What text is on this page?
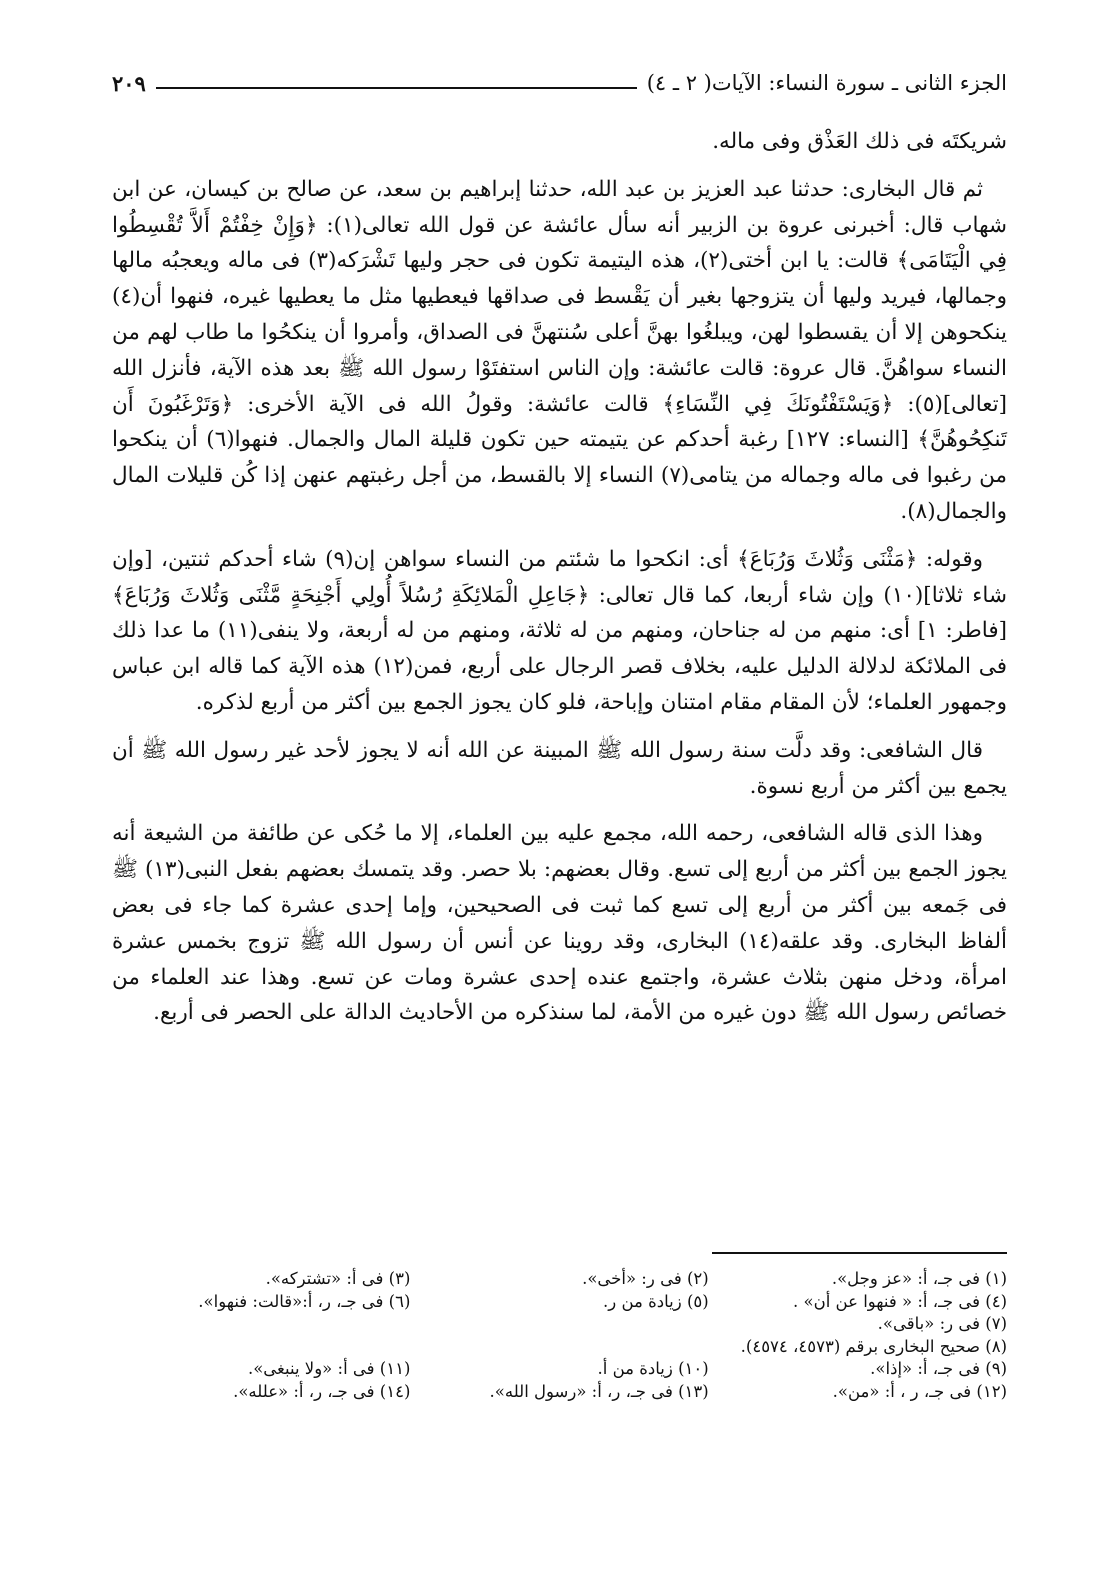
الجزء الثانى ـ سورة النساء: الآيات( ٢ ـ ٤)
٢٠٩

شريكتَه فى ذلك العَذْق وفى ماله.

ثم قال البخارى: حدثنا عبد العزيز بن عبد الله، حدثنا إبراهيم بن سعد، عن صالح بن كيسان، عن ابن شهاب قال: أخبرنى عروة بن الزبير أنه سأل عائشة عن قول الله تعالى(١): ﴿وَإِنْ خِفْتُمْ أَلاَّ تُقْسِطُوا فِي الْيَتَامَى﴾ قالت: يا ابن أختى(٢)، هذه اليتيمة تكون فى حجر وليها تَشْرَكه(٣) فى ماله ويعجبُه مالها وجمالها، فيريد وليها أن يتزوجها بغير أن يَقْسط فى صداقها فيعطيها مثل ما يعطيها غيره، فنهوا أن(٤) ينكحوهن إلا أن يقسطوا لهن، ويبلغُوا بهنَّ أعلى سُنتهنَّ فى الصداق، وأمروا أن ينكحُوا ما طاب لهم من النساء سواهُنَّ. قال عروة: قالت عائشة: وإن الناس استفتَوْا رسول الله ﷺ بعد هذه الآية، فأنزل الله [تعالى](٥): ﴿وَيَسْتَفْتُونَكَ فِي النِّسَاءِ﴾ قالت عائشة: وقولُ الله فى الآية الأخرى: ﴿وَتَرْغَبُونَ أَن تَنكِحُوهُنَّ﴾ [النساء: ١٢٧] رغبة أحدكم عن يتيمته حين تكون قليلة المال والجمال. فنهوا(٦) أن ينكحوا من رغبوا فى ماله وجماله من يتامى(٧) النساء إلا بالقسط، من أجل رغبتهم عنهن إذا كُن قليلات المال والجمال(٨).

وقوله: ﴿مَثْنَى وَثُلاثَ وَرُبَاعَ﴾ أى: انكحوا ما شئتم من النساء سواهن إن(٩) شاء أحدكم ثنتين، [وإن شاء ثلاثا](١٠) وإن شاء أربعا، كما قال تعالى: ﴿جَاعِلِ الْمَلائِكَةِ رُسُلاً أُولِي أَجْنِحَةٍ مَّثْنَى وَثُلاثَ وَرُبَاعَ﴾ [فاطر: ١] أى: منهم من له جناحان، ومنهم من له ثلاثة، ومنهم من له أربعة، ولا ينفى(١١) ما عدا ذلك فى الملائكة لدلالة الدليل عليه، بخلاف قصر الرجال على أربع، فمن(١٢) هذه الآية كما قاله ابن عباس وجمهور العلماء؛ لأن المقام مقام امتنان وإباحة، فلو كان يجوز الجمع بين أكثر من أربع لذكره.

قال الشافعى: وقد دلَّت سنة رسول الله ﷺ المبينة عن الله أنه لا يجوز لأحد غير رسول الله ﷺ أن يجمع بين أكثر من أربع نسوة.

وهذا الذى قاله الشافعى، رحمه الله، مجمع عليه بين العلماء، إلا ما حُكى عن طائفة من الشيعة أنه يجوز الجمع بين أكثر من أربع إلى تسع. وقال بعضهم: بلا حصر. وقد يتمسك بعضهم بفعل النبى(١٣) ﷺ فى جَمعه بين أكثر من أربع إلى تسع كما ثبت فى الصحيحين، وإما إحدى عشرة كما جاء فى بعض ألفاظ البخارى. وقد علقه(١٤) البخارى، وقد روينا عن أنس أن رسول الله ﷺ تزوج بخمس عشرة امرأة، ودخل منهن بثلاث عشرة، واجتمع عنده إحدى عشرة ومات عن تسع. وهذا عند العلماء من خصائص رسول الله ﷺ دون غيره من الأمة، لما سنذكره من الأحاديث الدالة على الحصر فى أربع.

(١) فى جـ، أ: «عز وجل».
(٢) فى ر: «أخى».
(٣) فى أ: «تشتركه».
(٤) فى جـ، أ: « فنهوا عن أن» .
(٥) زيادة من ر.
(٦) فى جـ، ر، أ:«قالت: فنهوا».
(٧) فى ر: «باقى».
(٨) صحيح البخارى برقم (٤٥٧٣، ٤٥٧٤).
(٩) فى جـ، أ: «إذا».
(١٠) زيادة من أ.
(١١) فى أ: «ولا ينبغى».
(١٢) فى جـ، ر ، أ: «من».
(١٣) فى جـ، ر، أ: «رسول الله».
(١٤) فى جـ، ر، أ: «علله».
